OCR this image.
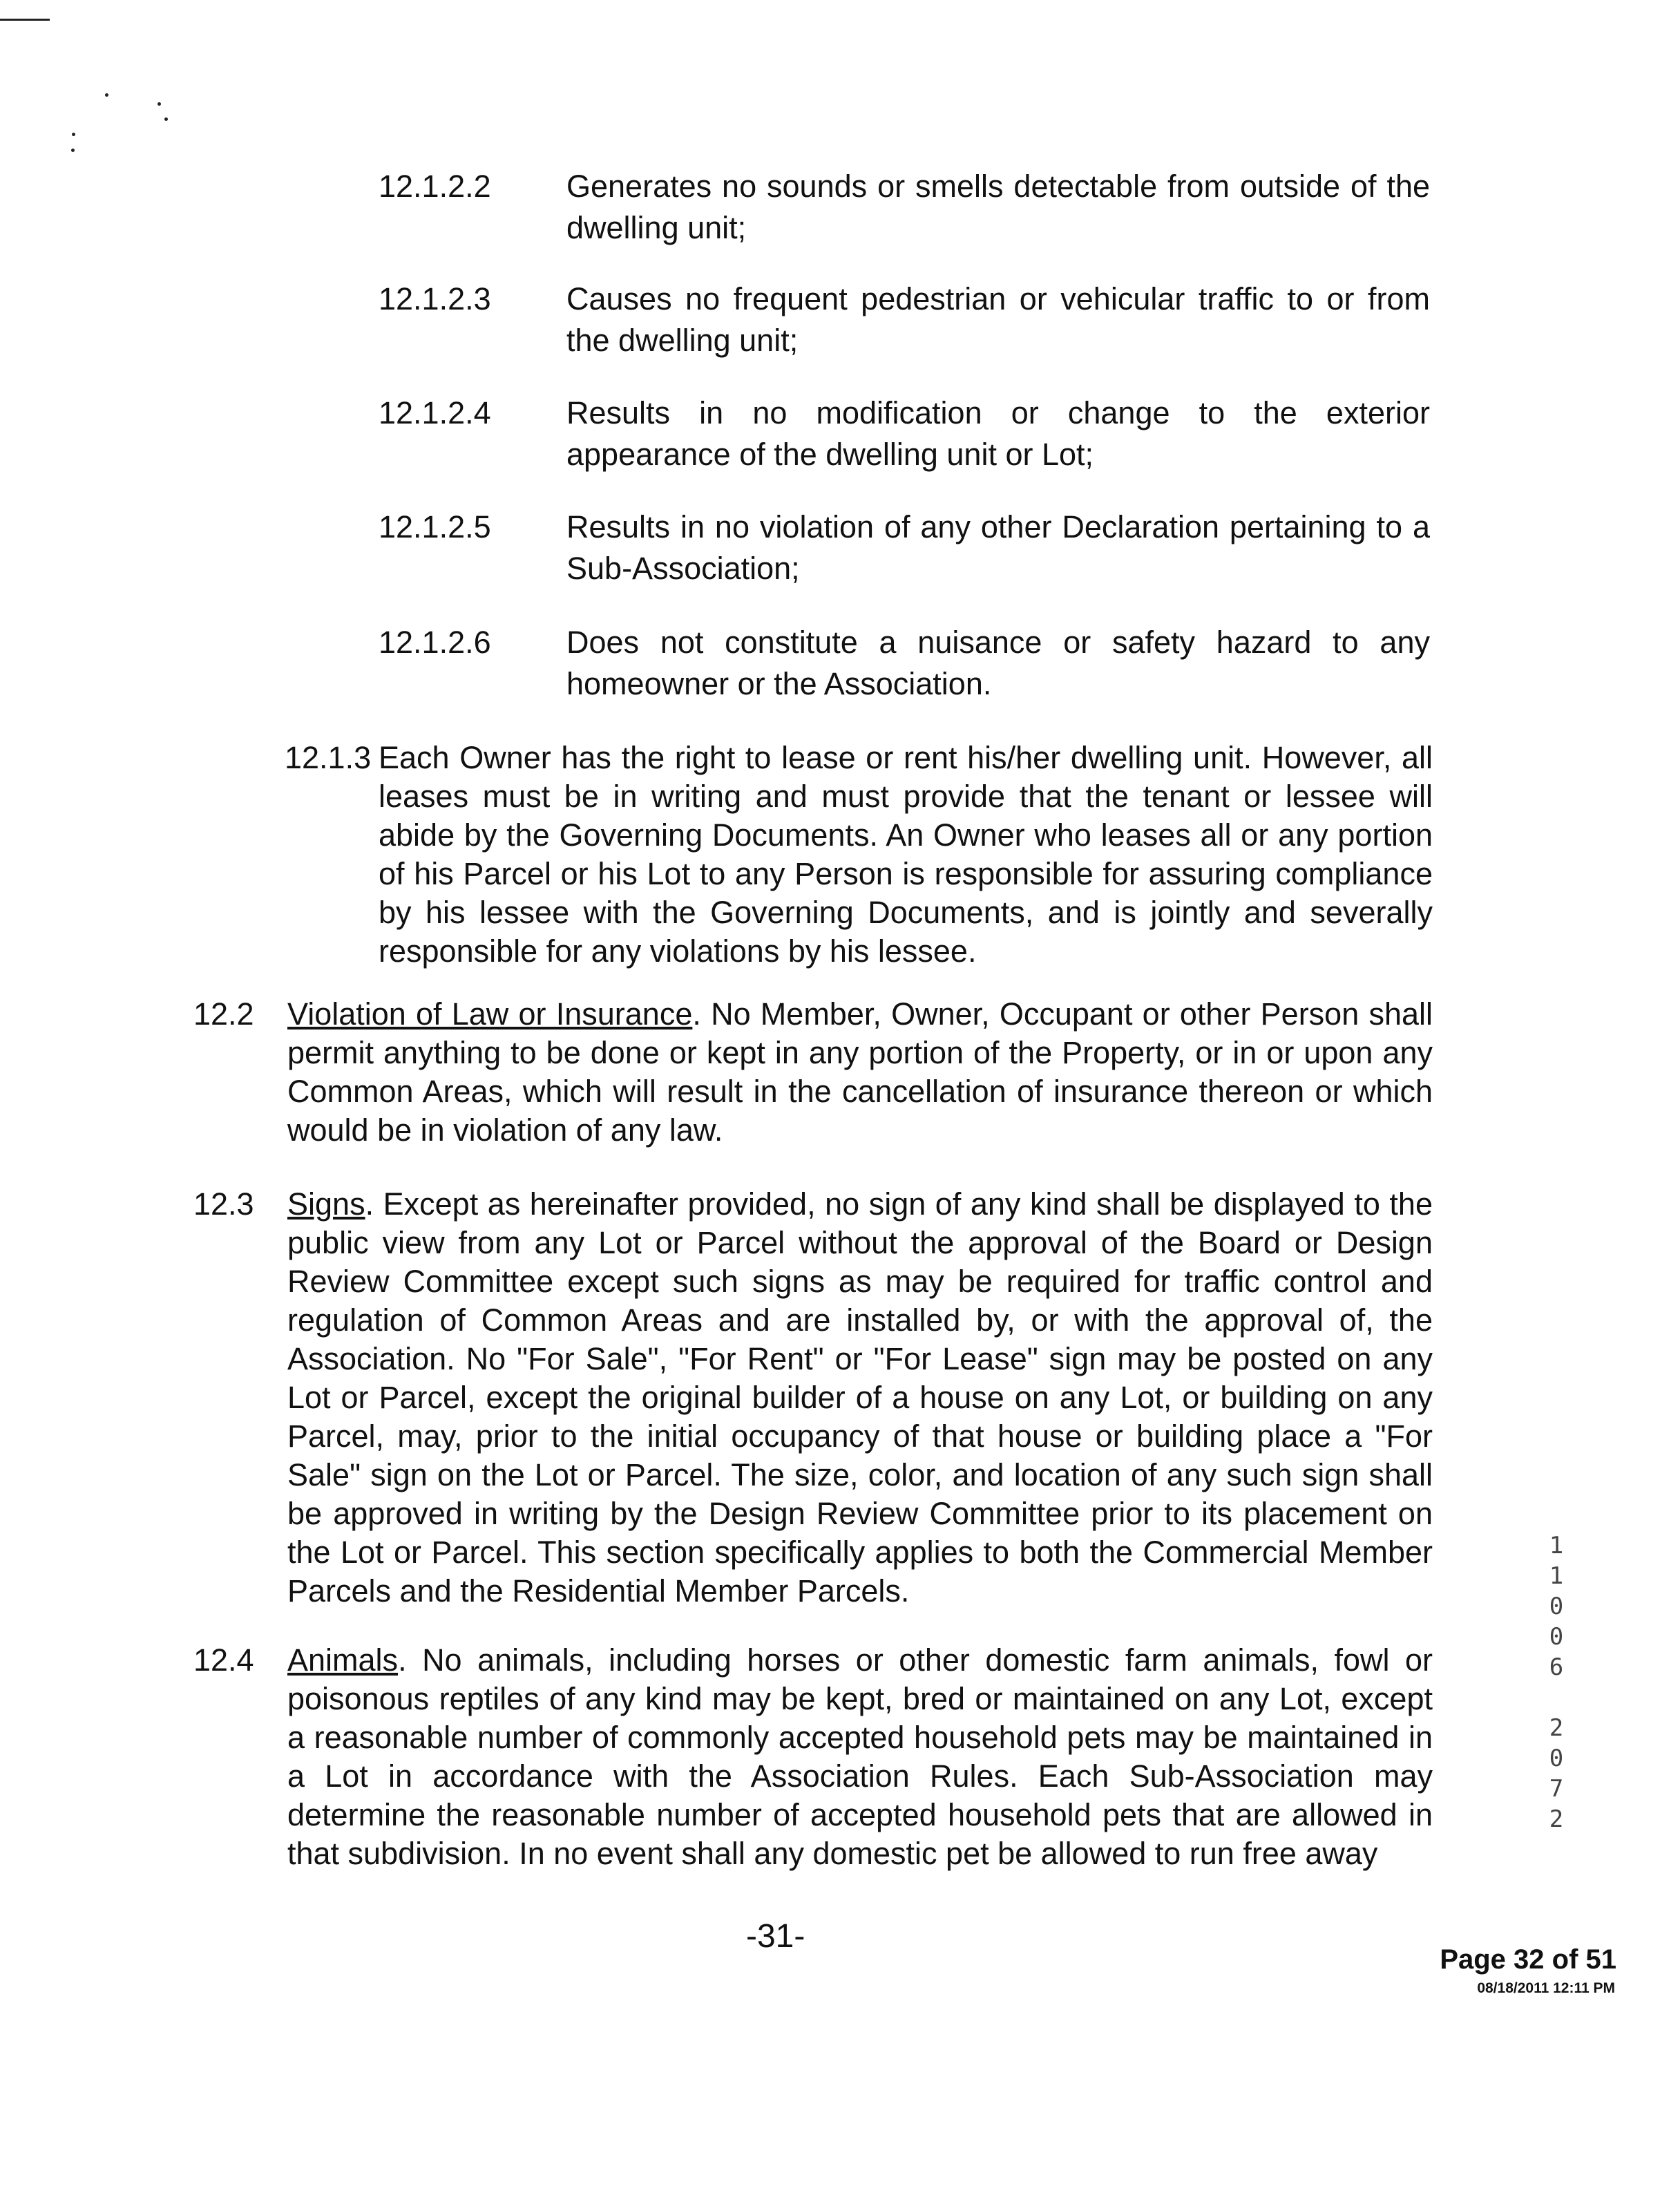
12.1.2.2 Generates no sounds or smells detectable from outside of the dwelling unit;
12.1.2.3 Causes no frequent pedestrian or vehicular traffic to or from the dwelling unit;
12.1.2.4 Results in no modification or change to the exterior appearance of the dwelling unit or Lot;
12.1.2.5 Results in no violation of any other Declaration pertaining to a Sub-Association;
12.1.2.6 Does not constitute a nuisance or safety hazard to any homeowner or the Association.
12.1.3 Each Owner has the right to lease or rent his/her dwelling unit. However, all leases must be in writing and must provide that the tenant or lessee will abide by the Governing Documents. An Owner who leases all or any portion of his Parcel or his Lot to any Person is responsible for assuring compliance by his lessee with the Governing Documents, and is jointly and severally responsible for any violations by his lessee.
12.2 Violation of Law or Insurance. No Member, Owner, Occupant or other Person shall permit anything to be done or kept in any portion of the Property, or in or upon any Common Areas, which will result in the cancellation of insurance thereon or which would be in violation of any law.
12.3 Signs. Except as hereinafter provided, no sign of any kind shall be displayed to the public view from any Lot or Parcel without the approval of the Board or Design Review Committee except such signs as may be required for traffic control and regulation of Common Areas and are installed by, or with the approval of, the Association. No "For Sale", "For Rent" or "For Lease" sign may be posted on any Lot or Parcel, except the original builder of a house on any Lot, or building on any Parcel, may, prior to the initial occupancy of that house or building place a "For Sale" sign on the Lot or Parcel. The size, color, and location of any such sign shall be approved in writing by the Design Review Committee prior to its placement on the Lot or Parcel. This section specifically applies to both the Commercial Member Parcels and the Residential Member Parcels.
12.4 Animals. No animals, including horses or other domestic farm animals, fowl or poisonous reptiles of any kind may be kept, bred or maintained on any Lot, except a reasonable number of commonly accepted household pets may be maintained in a Lot in accordance with the Association Rules. Each Sub-Association may determine the reasonable number of accepted household pets that are allowed in that subdivision. In no event shall any domestic pet be allowed to run free away
1
1
0
0
6
2
0
7
2
-31-
Page 32 of 51
08/18/2011 12:11 PM
